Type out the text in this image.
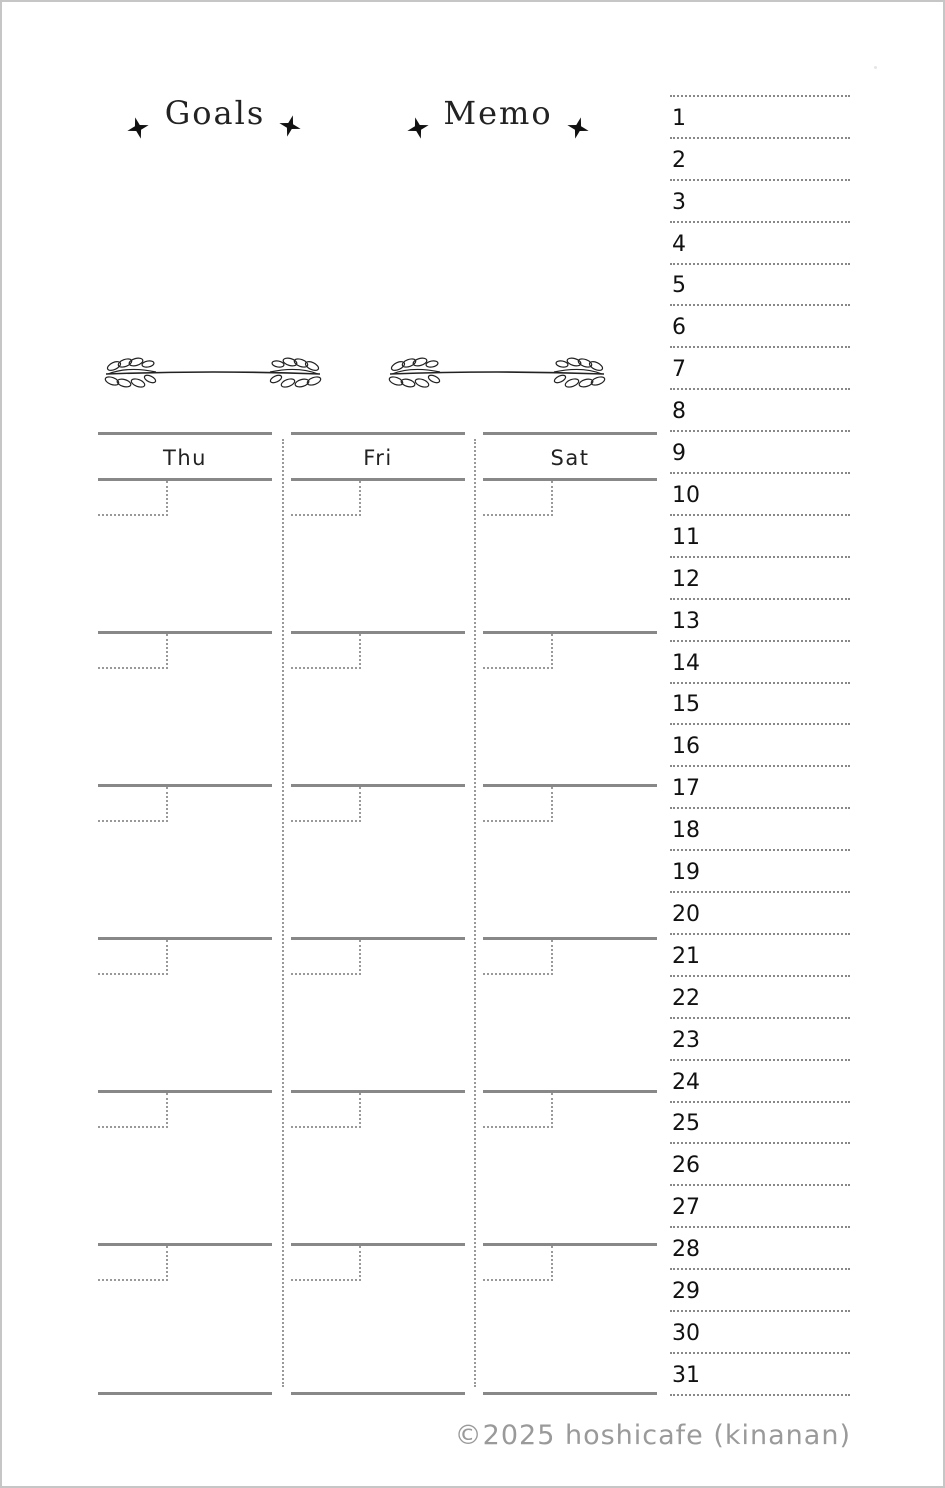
Goals	Memo
Thu	Fri	Sat
1
2
3
4
5
6
7
8
9
10
11
12
13
14
15
16
17
18
19
20
21
22
23
24
25
26
27
28
29
30
31
©2025 hoshicafe (kinanan)
